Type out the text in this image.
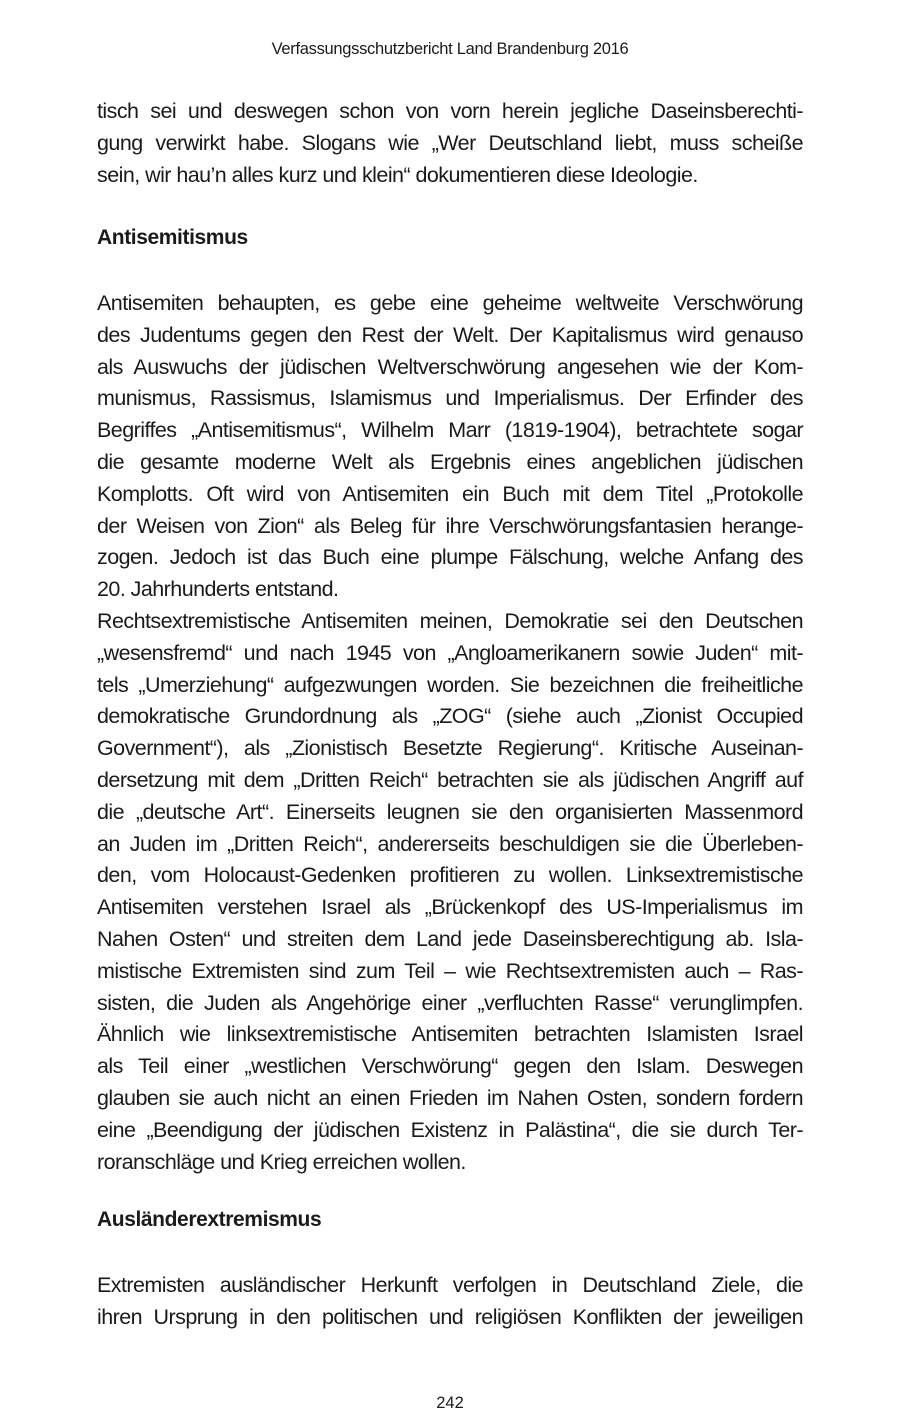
Verfassungsschutzbericht Land Brandenburg 2016
tisch sei und deswegen schon von vorn herein jegliche Daseinsberechti-
gung verwirkt habe. Slogans wie „Wer Deutschland liebt, muss scheiße
sein, wir hau’n alles kurz und klein“ dokumentieren diese Ideologie.
Antisemitismus
Antisemiten behaupten, es gebe eine geheime weltweite Verschwörung
des Judentums gegen den Rest der Welt. Der Kapitalismus wird genauso
als Auswuchs der jüdischen Weltverschwörung angesehen wie der Kom-
munismus, Rassismus, Islamismus und Imperialismus. Der Erfinder des
Begriffes „Antisemitismus“, Wilhelm Marr (1819-1904), betrachtete sogar
die gesamte moderne Welt als Ergebnis eines angeblichen jüdischen
Komplotts. Oft wird von Antisemiten ein Buch mit dem Titel „Protokolle
der Weisen von Zion“ als Beleg für ihre Verschwörungsfantasien herange-
zogen. Jedoch ist das Buch eine plumpe Fälschung, welche Anfang des
20. Jahrhunderts entstand.
Rechtsextremistische Antisemiten meinen, Demokratie sei den Deutschen
„wesensfremd“ und nach 1945 von „Angloamerikanern sowie Juden“ mit-
tels „Umerziehung“ aufgezwungen worden. Sie bezeichnen die freiheitliche
demokratische Grundordnung als „ZOG“ (siehe auch „Zionist Occupied
Government“), als „Zionistisch Besetzte Regierung“. Kritische Auseinan-
dersetzung mit dem „Dritten Reich“ betrachten sie als jüdischen Angriff auf
die „deutsche Art“. Einerseits leugnen sie den organisierten Massenmord
an Juden im „Dritten Reich“, andererseits beschuldigen sie die Überleben-
den, vom Holocaust-Gedenken profitieren zu wollen. Linksextremistische
Antisemiten verstehen Israel als „Brückenkopf des US-Imperialismus im
Nahen Osten“ und streiten dem Land jede Daseinsberechtigung ab. Isla-
mistische Extremisten sind zum Teil – wie Rechtsextremisten auch – Ras-
sisten, die Juden als Angehörige einer „verfluchten Rasse“ verunglimpfen.
Ähnlich wie linksextremistische Antisemiten betrachten Islamisten Israel
als Teil einer „westlichen Verschwörung“ gegen den Islam. Deswegen
glauben sie auch nicht an einen Frieden im Nahen Osten, sondern fordern
eine „Beendigung der jüdischen Existenz in Palästina“, die sie durch Ter-
roranschläge und Krieg erreichen wollen.
Ausländerextremismus
Extremisten ausländischer Herkunft verfolgen in Deutschland Ziele, die
ihren Ursprung in den politischen und religiösen Konflikten der jeweiligen
242
